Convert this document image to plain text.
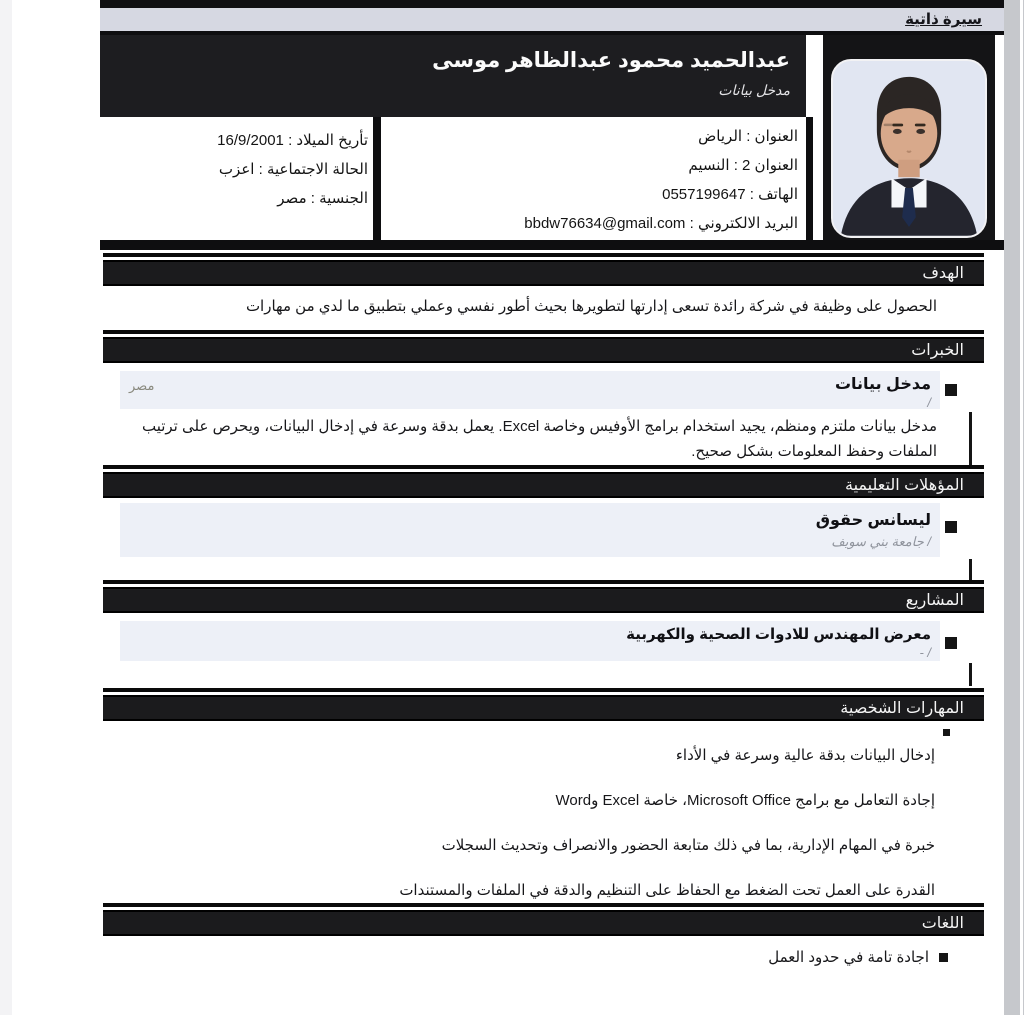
سيرة ذاتية
عبدالحميد محمود عبدالظاهر موسى
مدخل بيانات
العنوان : الرياض
العنوان 2 : النسيم
الهاتف : 0557199647
البريد الالكتروني : bbdw76634@gmail.com
تأريخ الميلاد : 16/9/2001
الحالة الاجتماعية : اعزب
الجنسية : مصر
الهدف
الحصول على وظيفة في شركة رائدة تسعى إدارتها لتطويرها بحيث أطور نفسي وعملي بتطبيق ما لدي من مهارات
الخبرات
مدخل بيانات
/
مصر
مدخل بيانات ملتزم ومنظم، يجيد استخدام برامج الأوفيس وخاصة Excel. يعمل بدقة وسرعة في إدخال البيانات، ويحرص على ترتيب الملفات وحفظ المعلومات بشكل صحيح.
المؤهلات التعليمية
ليسانس حقوق
جامعة بني سويف /
المشاريع
معرض المهندس للادوات الصحية والكهربية
- /
المهارات الشخصية
إدخال البيانات بدقة عالية وسرعة في الأداء
إجادة التعامل مع برامج Microsoft Office، خاصة Excel وWord
خبرة في المهام الإدارية، بما في ذلك متابعة الحضور والانصراف وتحديث السجلات
القدرة على العمل تحت الضغط مع الحفاظ على التنظيم والدقة في الملفات والمستندات
اللغات
اجادة تامة في حدود العمل
